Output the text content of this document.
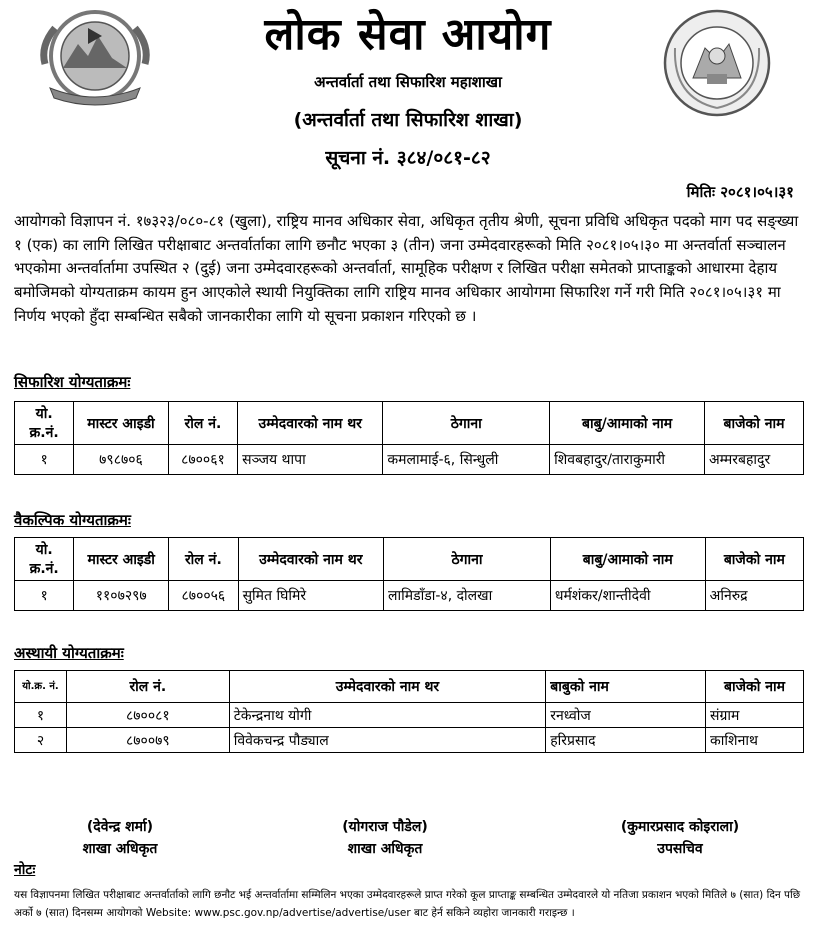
लोक सेवा आयोग
अन्तर्वार्ता तथा सिफारिश महाशाखा
(अन्तर्वार्ता तथा सिफारिश शाखा)
सूचना नं. ३८४/०८१-८२
मितिः २०८१।०५।३१
आयोगको विज्ञापन नं. १७३२३/०८०-८१ (खुला), राष्ट्रिय मानव अधिकार सेवा, अधिकृत तृतीय श्रेणी, सूचना प्रविधि अधिकृत पदको माग पद सङ्ख्या १ (एक) का लागि लिखित परीक्षाबाट अन्तर्वार्ताका लागि छनौट भएका ३ (तीन) जना उम्मेदवारहरूको मिति २०८१।०५।३० मा अन्तर्वार्ता सञ्चालन भएकोमा अन्तर्वार्तामा उपस्थित २ (दुई) जना उम्मेदवारहरूको अन्तर्वार्ता, सामूहिक परीक्षण र लिखित परीक्षा समेतको प्राप्ताङ्कको आधारमा देहाय बमोजिमको योग्यताक्रम कायम हुन आएकोले स्थायी नियुक्तिका लागि राष्ट्रिय मानव अधिकार आयोगमा सिफारिश गर्ने गरी मिति २०८१।०५।३१ मा निर्णय भएको हुँदा सम्बन्धित सबैको जानकारीका लागि यो सूचना प्रकाशन गरिएको छ ।
सिफारिश योग्यताक्रमः
यो. क्र.नं.	मास्टर आइडी	रोल नं.	उम्मेदवारको नाम थर	ठेगाना	बाबु/आमाको नाम	बाजेको नाम
१	७९८७०६	८७००६१	सञ्जय थापा	कमलामाई-६, सिन्धुली	शिवबहादुर/ताराकुमारी	अम्मरबहादुर
वैकल्पिक योग्यताक्रमः
यो. क्र.नं.	मास्टर आइडी	रोल नं.	उम्मेदवारको नाम थर	ठेगाना	बाबु/आमाको नाम	बाजेको नाम
१	११०७२९७	८७००५६	सुमित घिमिरे	लामिडाँडा-४, दोलखा	धर्मशंकर/शान्तीदेवी	अनिरुद्र
अस्थायी योग्यताक्रमः
यो.क्र. नं.	रोल नं.	उम्मेदवारको नाम थर	बाबुको नाम	बाजेको नाम
१	८७००८१	टेकेन्द्रनाथ योगी	रनध्वोज	संग्राम
२	८७००७९	विवेकचन्द्र पौड्याल	हरिप्रसाद	काशिनाथ
(देवेन्द्र शर्मा)
शाखा अधिकृत
(योगराज पौडेल)
शाखा अधिकृत
(कुमारप्रसाद कोइराला)
उपसचिव
नोटः
यस विज्ञापनमा लिखित परीक्षाबाट अन्तर्वार्ताको लागि छनौट भई अन्तर्वार्तामा सम्मिलिन भएका उम्मेदवारहरूले प्राप्त गरेको कूल प्राप्ताङ्क सम्बन्धित उम्मेदवारले यो नतिजा प्रकाशन भएको मितिले ७ (सात) दिन पछि अर्को ७ (सात) दिनसम्म आयोगको Website: www.psc.gov.np/advertise/advertise/user बाट हेर्न सकिने व्यहोरा जानकारी गराइन्छ ।
